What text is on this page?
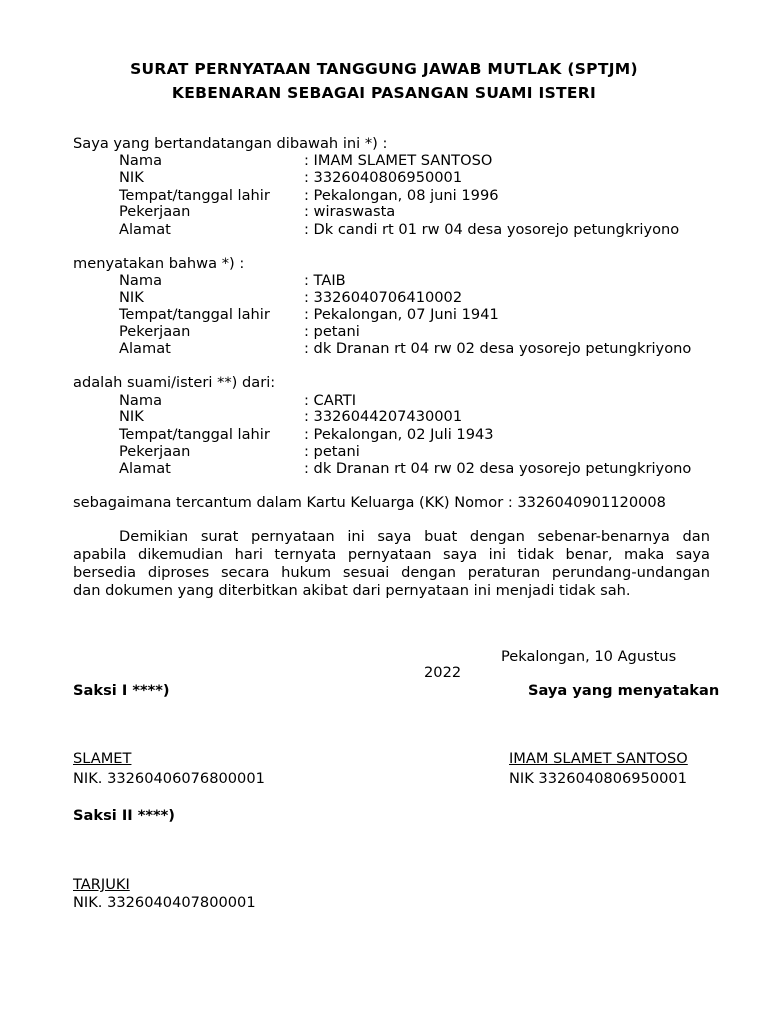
SURAT PERNYATAAN TANGGUNG JAWAB MUTLAK (SPTJM)
KEBENARAN SEBAGAI PASANGAN SUAMI ISTERI
Saya yang bertandatangan dibawah ini *) :
Nama	: IMAM SLAMET SANTOSO
NIK	: 3326040806950001
Tempat/tanggal lahir : Pekalongan, 08 juni 1996
Pekerjaan	: wiraswasta
Alamat	: Dk candi rt 01 rw 04 desa yosorejo petungkriyono
menyatakan bahwa *) :
Nama	: TAIB
NIK	: 3326040706410002
Tempat/tanggal lahir : Pekalongan, 07 Juni 1941
Pekerjaan	: petani
Alamat	: dk Dranan rt 04 rw 02 desa yosorejo petungkriyono
adalah suami/isteri **) dari:
Nama	: CARTI
NIK	: 3326044207430001
Tempat/tanggal lahir : Pekalongan, 02 Juli 1943
Pekerjaan	: petani
Alamat	: dk Dranan rt 04 rw 02 desa yosorejo petungkriyono
sebagaimana tercantum dalam Kartu Keluarga (KK) Nomor : 3326040901120008
Demikian surat pernyataan ini saya buat dengan sebenar-benarnya dan
apabila dikemudian hari ternyata pernyataan saya ini tidak benar, maka saya
bersedia diproses secara hukum sesuai dengan peraturan perundang-undangan
dan dokumen yang diterbitkan akibat dari pernyataan ini menjadi tidak sah.
Pekalongan, 10 Agustus
2022
Saksi I ****)	Saya yang menyatakan
SLAMET
NIK. 33260406076800001
IMAM SLAMET SANTOSO
NIK 3326040806950001
Saksi II ****)
TARJUKI
NIK. 3326040407800001
